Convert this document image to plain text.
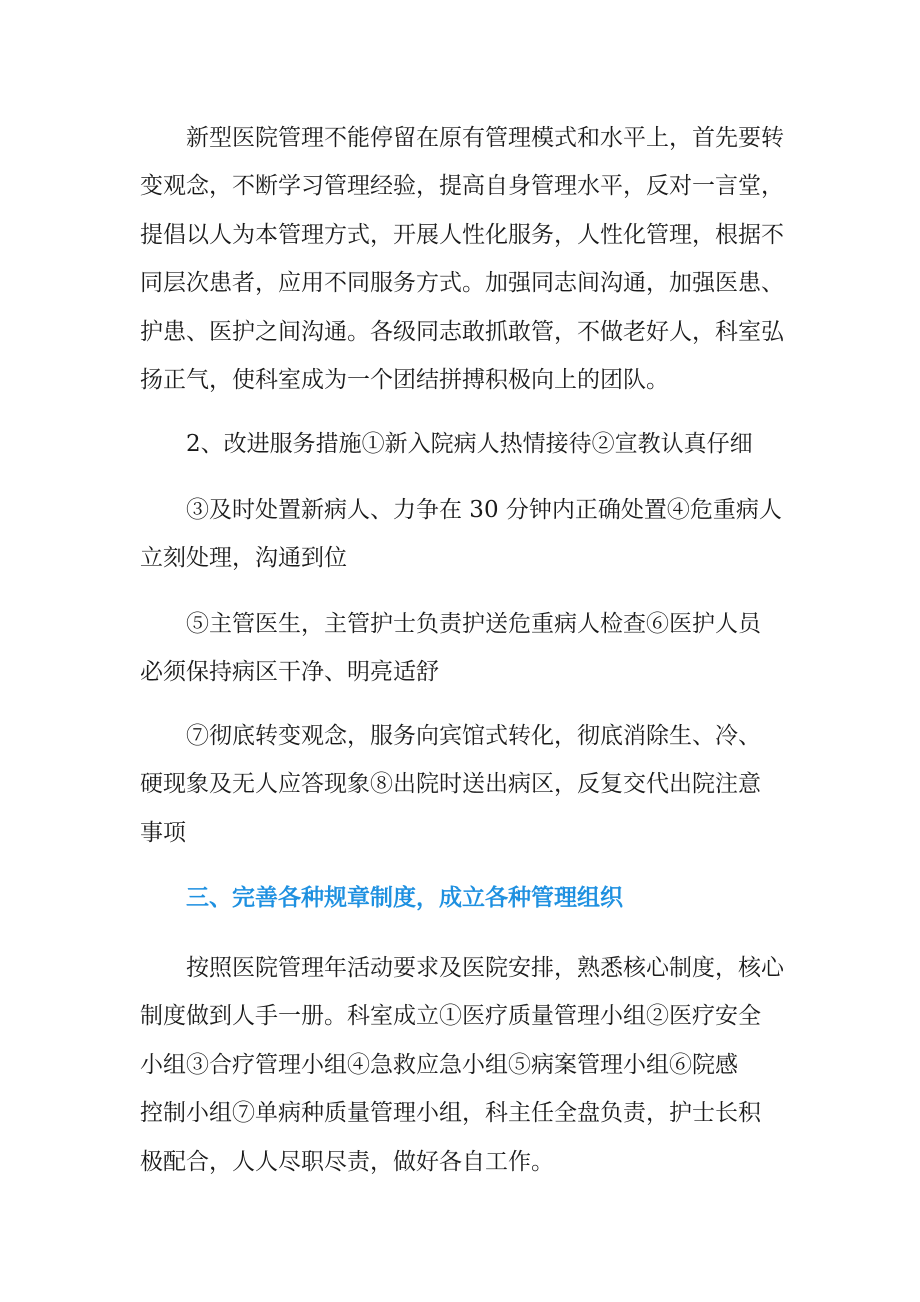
新型医院管理不能停留在原有管理模式和水平上，首先要转
变观念，不断学习管理经验，提高自身管理水平，反对一言堂，
提倡以人为本管理方式，开展人性化服务，人性化管理，根据不
同层次患者，应用不同服务方式。加强同志间沟通，加强医患、
护患、医护之间沟通。各级同志敢抓敢管，不做老好人，科室弘
扬正气，使科室成为一个团结拼搏积极向上的团队。
2、改进服务措施①新入院病人热情接待②宣教认真仔细
③及时处置新病人、力争在 30 分钟内正确处置④危重病人
立刻处理，沟通到位
⑤主管医生，主管护士负责护送危重病人检查⑥医护人员
必须保持病区干净、明亮适舒
⑦彻底转变观念，服务向宾馆式转化，彻底消除生、冷、
硬现象及无人应答现象⑧出院时送出病区，反复交代出院注意
事项
三、完善各种规章制度，成立各种管理组织
按照医院管理年活动要求及医院安排，熟悉核心制度，核心
制度做到人手一册。科室成立①医疗质量管理小组②医疗安全
小组③合疗管理小组④急救应急小组⑤病案管理小组⑥院感
控制小组⑦单病种质量管理小组，科主任全盘负责，护士长积
极配合，人人尽职尽责，做好各自工作。
